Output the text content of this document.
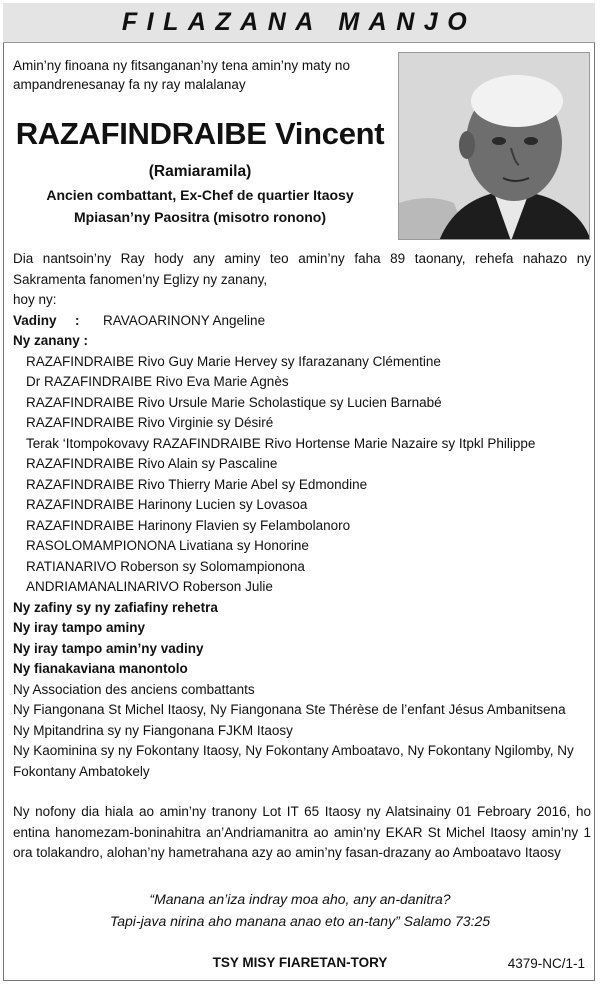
FILAZANA MANJO
Amin’ny finoana ny fitsanganan’ny tena amin’ny maty no ampandrenesanay fa ny ray malalanay
RAZAFINDRAIBE Vincent
(Ramiaramila)
Ancien combattant, Ex-Chef de quartier Itaosy
Mpiasan’ny Paositra (misotro ronono)

Dia nantsoin’ny Ray hody any aminy teo amin’ny faha 89 taonany, rehefa nahazo ny Sakramenta fanomen’ny Eglizy ny zanany,

hoy ny:

Vadiny : RAVAOARINONY Angeline

Ny zanany :

RAZAFINDRAIBE Rivo Guy Marie Hervey sy Ifarazanany Clémentine

Dr RAZAFINDRAIBE Rivo Eva Marie Agnès

RAZAFINDRAIBE Rivo Ursule Marie Scholastique sy Lucien Barnabé

RAZAFINDRAIBE Rivo Virginie sy Désiré

Terak ‘Itompokovavy RAZAFINDRAIBE Rivo Hortense Marie Nazaire sy Itpkl Philippe

RAZAFINDRAIBE Rivo Alain sy Pascaline

RAZAFINDRAIBE Rivo Thierry Marie Abel sy Edmondine

RAZAFINDRAIBE Harinony Lucien sy Lovasoa

RAZAFINDRAIBE Harinony Flavien sy Felambolanoro

RASOLOMAMPIONONA Livatiana sy Honorine

RATIANARIVO Roberson sy Solomampionona

ANDRIAMANALINARIVO Roberson Julie

Ny zafiny sy ny zafiafiny rehetra

Ny iray tampo aminy

Ny iray tampo amin’ny vadiny

Ny fianakaviana manontolo

Ny Association des anciens combattants

Ny Fiangonana St Michel Itaosy, Ny Fiangonana Ste Thérèse de l’enfant Jésus Ambanitsena

Ny Mpitandrina sy ny Fiangonana FJKM Itaosy

Ny Kaominina sy ny Fokontany Itaosy, Ny Fokontany Amboatavo, Ny Fokontany Ngilomby, Ny Fokontany Ambatokely

Ny nofony dia hiala ao amin’ny tranony Lot IT 65 Itaosy ny Alatsinainy 01 Febroary 2016, ho entina hanomezam-boninahitra an’Andriamanitra ao amin’ny EKAR St Michel Itaosy amin’ny 1 ora tolakandro, alohan’ny hametrahana azy ao amin’ny fasan-drazany ao Amboatavo Itaosy

“Manana an’iza indray moa aho, any an-danitra?
Tapi-java nirina aho manana anao eto an-tany” Salamo 73:25
TSY MISY FIARETAN-TORY	4379-NC/1-1
